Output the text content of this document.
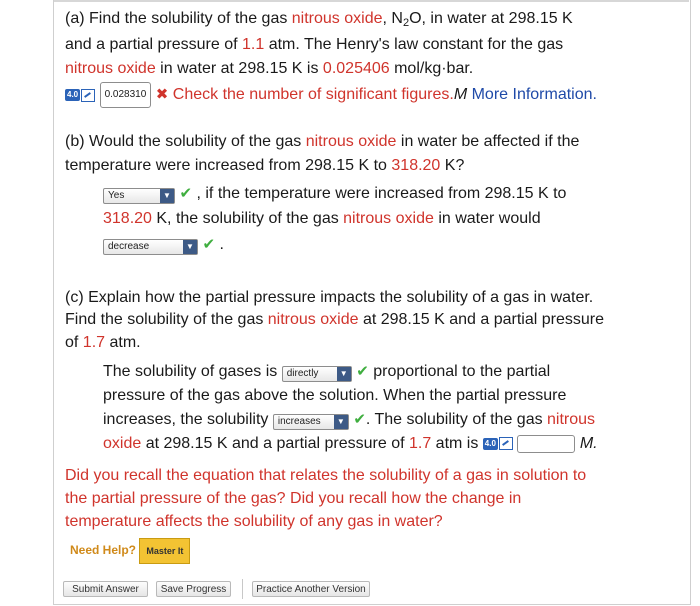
(a) Find the solubility of the gas nitrous oxide, $N_2O$, in water at 298.15 K
and a partial pressure of 1.1 atm. The Henry's law constant for the gas
nitrous oxide in water at 298.15 K is 0.025406 mol/kg·bar.
4.0	0.028310 ✖ Check the number of significant figures.M More Information.
(b) Would the solubility of the gas nitrous oxide in water be affected if the
temperature were increased from 298.15 K to 318.20 K?
Yes	▼ ✔ , if the temperature were increased from 298.15 K to
318.20 K, the solubility of the gas nitrous oxide in water would
decrease	▼ ✔ .
(c) Explain how the partial pressure impacts the solubility of a gas in water.
Find the solubility of the gas nitrous oxide at 298.15 K and a partial pressure
of 1.7 atm.
The solubility of gases is directly	▼ ✔ proportional to the partial
pressure of the gas above the solution. When the partial pressure
increases, the solubility increases	▼ ✔. The solubility of the gas nitrous
oxide at 298.15 K and a partial pressure of 1.7 atm is 4.0	M.
Did you recall the equation that relates the solubility of a gas in solution to
the partial pressure of the gas? Did you recall how the change in
temperature affects the solubility of any gas in water?
Need Help? Master It
Submit Answer	Save Progress	Practice Another Version
